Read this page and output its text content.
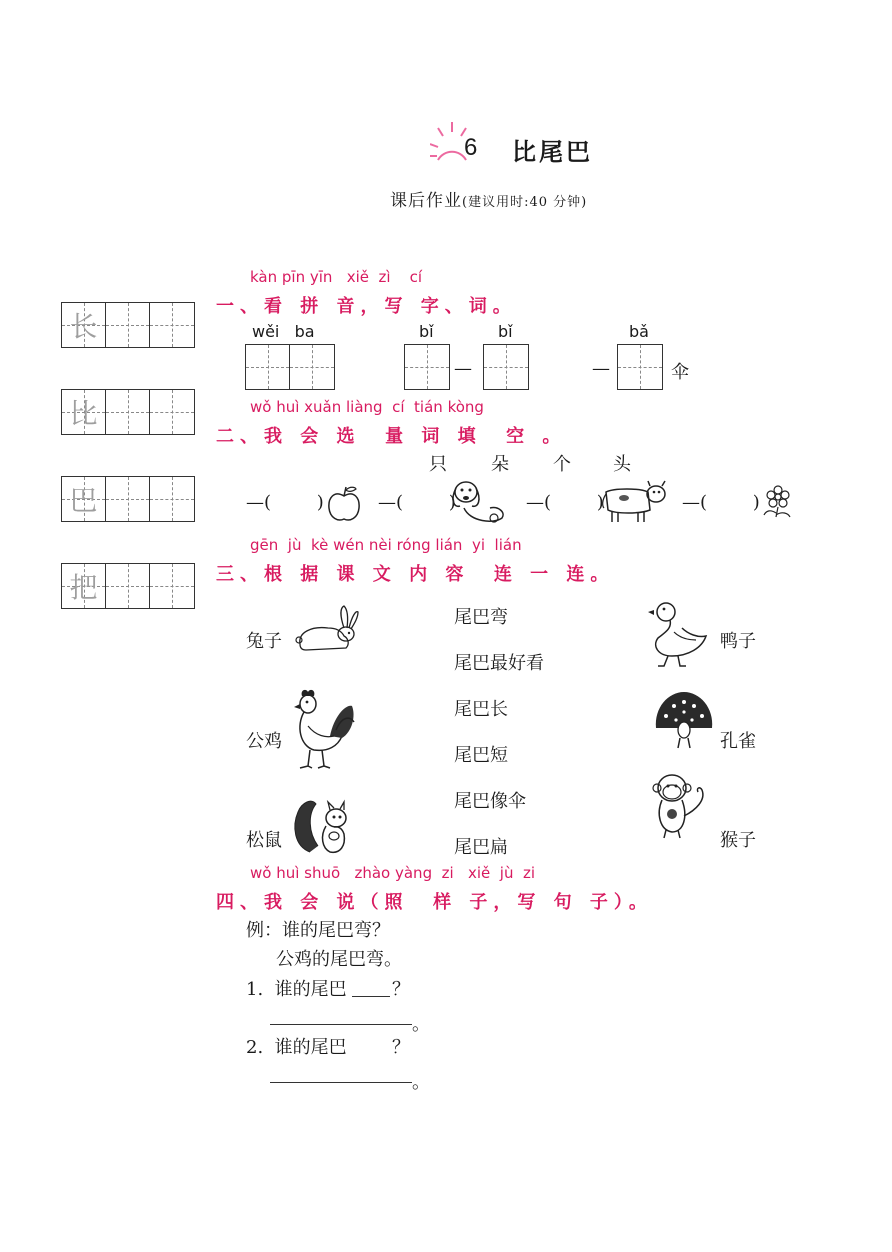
6 比尾巴
课后作业(建议用时:40 分钟)
长
比
巴
把
kàn pīn yīn   xiě  zì    cí
一、看 拼 音，写 字、词。
wěi   ba	bǐ
—
bǐ
—
bǎ
伞
wǒ huì xuǎn liàng  cí  tián kòng
二、我 会 选  量 词 填  空 。
只 朵 个 头
—(        )	—(        )	—(        )	—(        )
gēn  jù  kè wén nèi róng lián  yi  lián
三、根 据 课 文 内 容  连 一 连。
兔子
公鸡
松鼠
尾巴弯
尾巴最好看
尾巴长
尾巴短
尾巴像伞
尾巴扁
鸭子
孔雀
猴子
wǒ huì shuō   zhào yàng  zi   xiě  jù  zi
四、我 会 说（照  样 子，写 句 子）。
例：谁的尾巴弯？
公鸡的尾巴弯。
1.  谁的尾巴	？
。
2.  谁的尾巴	？
。
